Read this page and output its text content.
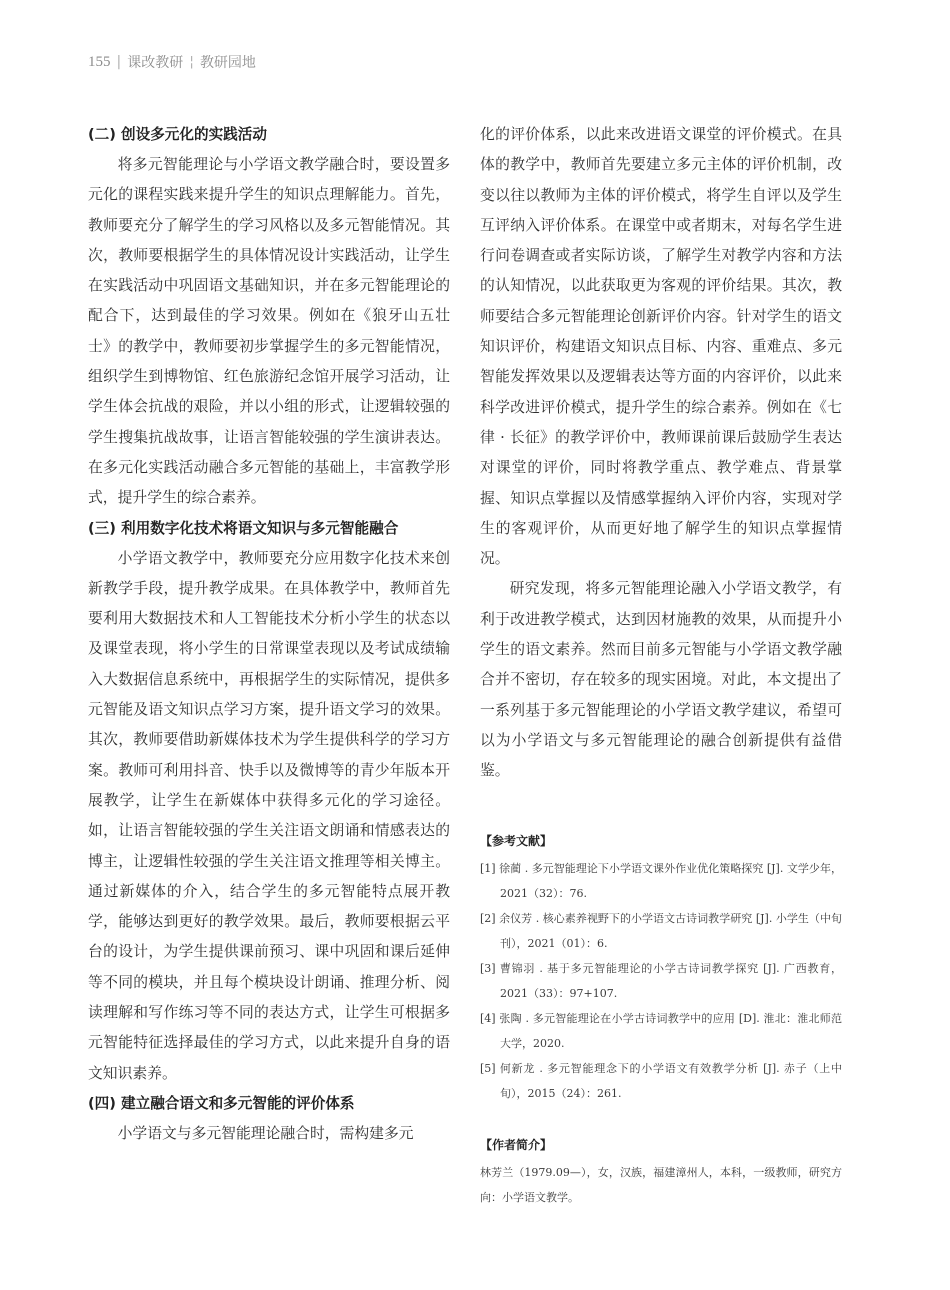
155 | 课改教研 ¦ 教研园地
(二) 创设多元化的实践活动

将多元智能理论与小学语文教学融合时，要设置多元化的课程实践来提升学生的知识点理解能力。首先，教师要充分了解学生的学习风格以及多元智能情况。其次，教师要根据学生的具体情况设计实践活动，让学生在实践活动中巩固语文基础知识，并在多元智能理论的配合下，达到最佳的学习效果。例如在《狼牙山五壮士》的教学中，教师要初步掌握学生的多元智能情况，组织学生到博物馆、红色旅游纪念馆开展学习活动，让学生体会抗战的艰险，并以小组的形式，让逻辑较强的学生搜集抗战故事，让语言智能较强的学生演讲表达。在多元化实践活动融合多元智能的基础上，丰富教学形式，提升学生的综合素养。

(三) 利用数字化技术将语文知识与多元智能融合

小学语文教学中，教师要充分应用数字化技术来创新教学手段，提升教学成果。在具体教学中，教师首先要利用大数据技术和人工智能技术分析小学生的状态以及课堂表现，将小学生的日常课堂表现以及考试成绩输入大数据信息系统中，再根据学生的实际情况，提供多元智能及语文知识点学习方案，提升语文学习的效果。其次，教师要借助新媒体技术为学生提供科学的学习方案。教师可利用抖音、快手以及微博等的青少年版本开展教学，让学生在新媒体中获得多元化的学习途径。如，让语言智能较强的学生关注语文朗诵和情感表达的博主，让逻辑性较强的学生关注语文推理等相关博主。通过新媒体的介入，结合学生的多元智能特点展开教学，能够达到更好的教学效果。最后，教师要根据云平台的设计，为学生提供课前预习、课中巩固和课后延伸等不同的模块，并且每个模块设计朗诵、推理分析、阅读理解和写作练习等不同的表达方式，让学生可根据多元智能特征选择最佳的学习方式，以此来提升自身的语文知识素养。

(四) 建立融合语文和多元智能的评价体系

小学语文与多元智能理论融合时，需构建多元

化的评价体系，以此来改进语文课堂的评价模式。在具体的教学中，教师首先要建立多元主体的评价机制，改变以往以教师为主体的评价模式，将学生自评以及学生互评纳入评价体系。在课堂中或者期末，对每名学生进行问卷调查或者实际访谈，了解学生对教学内容和方法的认知情况，以此获取更为客观的评价结果。其次，教师要结合多元智能理论创新评价内容。针对学生的语文知识评价，构建语文知识点目标、内容、重难点、多元智能发挥效果以及逻辑表达等方面的内容评价，以此来科学改进评价模式，提升学生的综合素养。例如在《七律 · 长征》的教学评价中，教师课前课后鼓励学生表达对课堂的评价，同时将教学重点、教学难点、背景掌握、知识点掌握以及情感掌握纳入评价内容，实现对学生的客观评价，从而更好地了解学生的知识点掌握情况。

研究发现，将多元智能理论融入小学语文教学，有利于改进教学模式，达到因材施教的效果，从而提升小学生的语文素养。然而目前多元智能与小学语文教学融合并不密切，存在较多的现实困境。对此，本文提出了一系列基于多元智能理论的小学语文教学建议，希望可以为小学语文与多元智能理论的融合创新提供有益借鉴。

【参考文献】
[1] 徐蔺 . 多元智能理论下小学语文课外作业优化策略探究 [J]. 文学少年，2021（32）：76.
[2] 余仪芳 . 核心素养视野下的小学语文古诗词教学研究 [J]. 小学生（中旬刊），2021（01）：6.
[3] 曹锦羽 . 基于多元智能理论的小学古诗词教学探究 [J]. 广西教育，2021（33）：97+107.
[4] 张陶 . 多元智能理论在小学古诗词教学中的应用 [D]. 淮北：淮北师范大学，2020.
[5] 何新龙 . 多元智能理念下的小学语文有效教学分析 [J]. 赤子（上中旬），2015（24）：261.
【作者简介】

林芳兰（1979.09—），女，汉族，福建漳州人，本科，一级教师，研究方向：小学语文教学。
